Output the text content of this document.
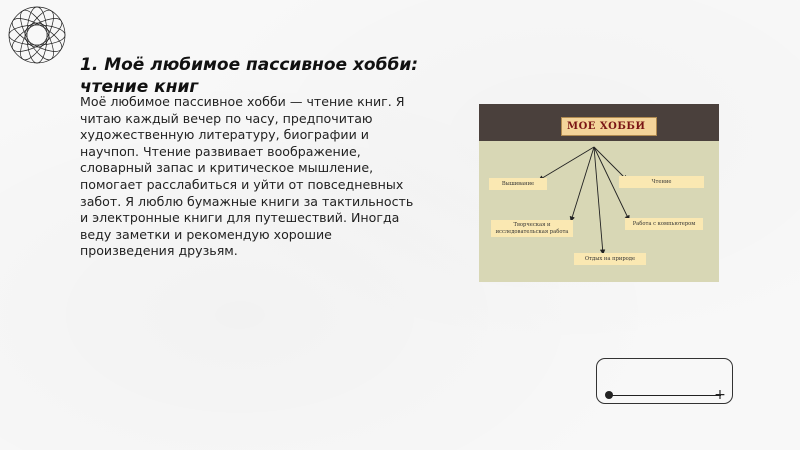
1. Моё любимое пассивное хобби: чтение книг
Моё любимое пассивное хобби — чтение книг. Я читаю каждый вечер по часу, предпочитаю художественную литературу, биографии и научпоп. Чтение развивает воображение, словарный запас и критическое мышление, помогает расслабиться и уйти от повседневных забот. Я люблю бумажные книги за тактильность и электронные книги для путешествий. Иногда веду заметки и рекомендую хорошие произведения друзьям.
МОЕ ХОББИ
Вышивание	Чтение
Творческая и исследовательская работа
Работа с компьютером
Отдых на природе
+
